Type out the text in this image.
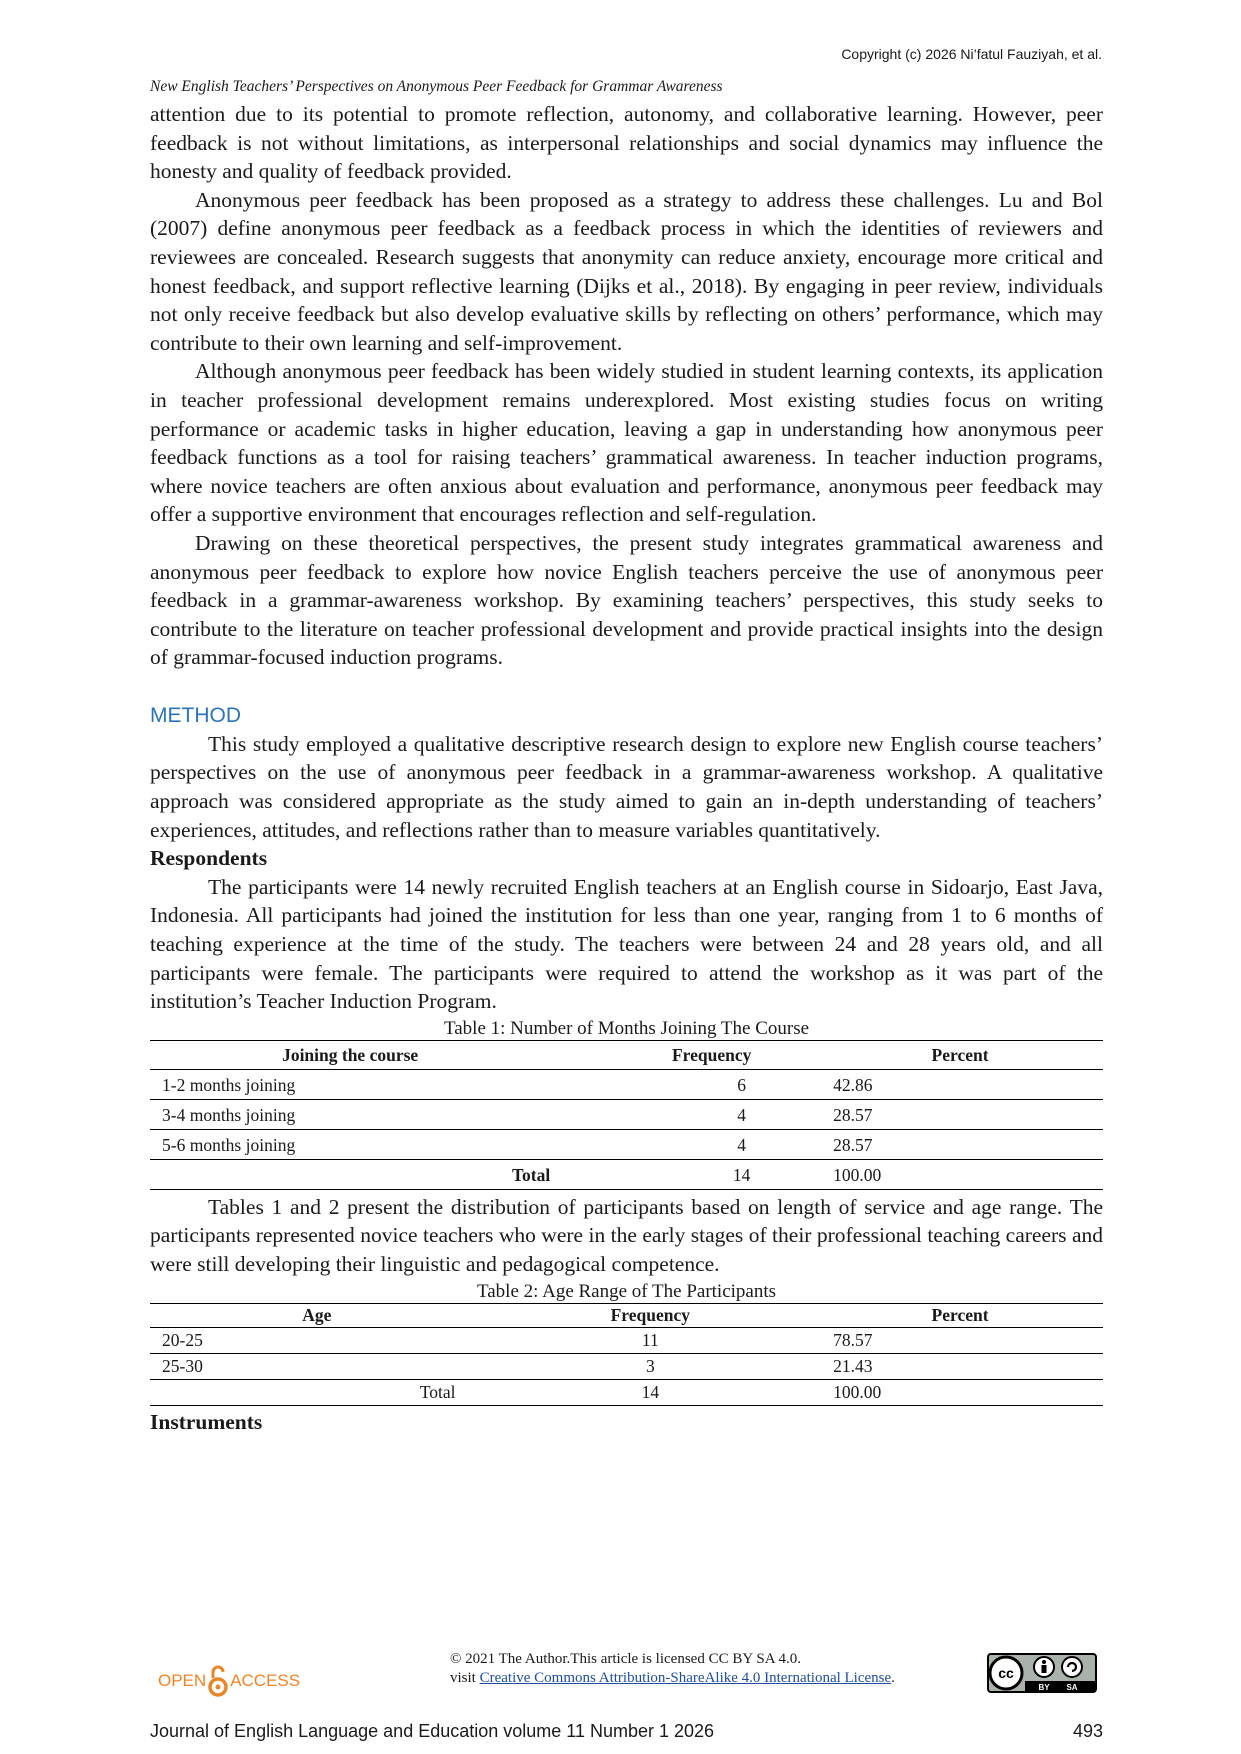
Copyright (c) 2026 Ni’fatul Fauziyah, et al.
New English Teachers’ Perspectives on Anonymous Peer Feedback for Grammar Awareness

attention due to its potential to promote reflection, autonomy, and collaborative learning. However, peer feedback is not without limitations, as interpersonal relationships and social dynamics may influence the honesty and quality of feedback provided.

Anonymous peer feedback has been proposed as a strategy to address these challenges. Lu and Bol (2007) define anonymous peer feedback as a feedback process in which the identities of reviewers and reviewees are concealed. Research suggests that anonymity can reduce anxiety, encourage more critical and honest feedback, and support reflective learning (Dijks et al., 2018). By engaging in peer review, individuals not only receive feedback but also develop evaluative skills by reflecting on others’ performance, which may contribute to their own learning and self-improvement.

Although anonymous peer feedback has been widely studied in student learning contexts, its application in teacher professional development remains underexplored. Most existing studies focus on writing performance or academic tasks in higher education, leaving a gap in understanding how anonymous peer feedback functions as a tool for raising teachers’ grammatical awareness. In teacher induction programs, where novice teachers are often anxious about evaluation and performance, anonymous peer feedback may offer a supportive environment that encourages reflection and self-regulation.

Drawing on these theoretical perspectives, the present study integrates grammatical awareness and anonymous peer feedback to explore how novice English teachers perceive the use of anonymous peer feedback in a grammar-awareness workshop. By examining teachers’ perspectives, this study seeks to contribute to the literature on teacher professional development and provide practical insights into the design of grammar-focused induction programs.

METHOD

This study employed a qualitative descriptive research design to explore new English course teachers’ perspectives on the use of anonymous peer feedback in a grammar-awareness workshop. A qualitative approach was considered appropriate as the study aimed to gain an in-depth understanding of teachers’ experiences, attitudes, and reflections rather than to measure variables quantitatively.

Respondents

The participants were 14 newly recruited English teachers at an English course in Sidoarjo, East Java, Indonesia. All participants had joined the institution for less than one year, ranging from 1 to 6 months of teaching experience at the time of the study. The teachers were between 24 and 28 years old, and all participants were female. The participants were required to attend the workshop as it was part of the institution’s Teacher Induction Program.

Table 1: Number of Months Joining The Course
Joining the course	Frequency	Percent
1-2 months joining	6	42.86
3-4 months joining	4	28.57
5-6 months joining	4	28.57
Total	14	100.00

Tables 1 and 2 present the distribution of participants based on length of service and age range. The participants represented novice teachers who were in the early stages of their professional teaching careers and were still developing their linguistic and pedagogical competence.

Table 2: Age Range of The Participants
Age	Frequency	Percent
20-25	11	78.57
25-30	3	21.43
Total	14	100.00

Instruments

OPEN ACCESS
© 2021 The Author.This article is licensed CC BY SA 4.0.
visit Creative Commons Attribution-ShareAlike 4.0 International License.	cc
BY SA
Journal of English Language and Education volume 11 Number 1 2026	493
